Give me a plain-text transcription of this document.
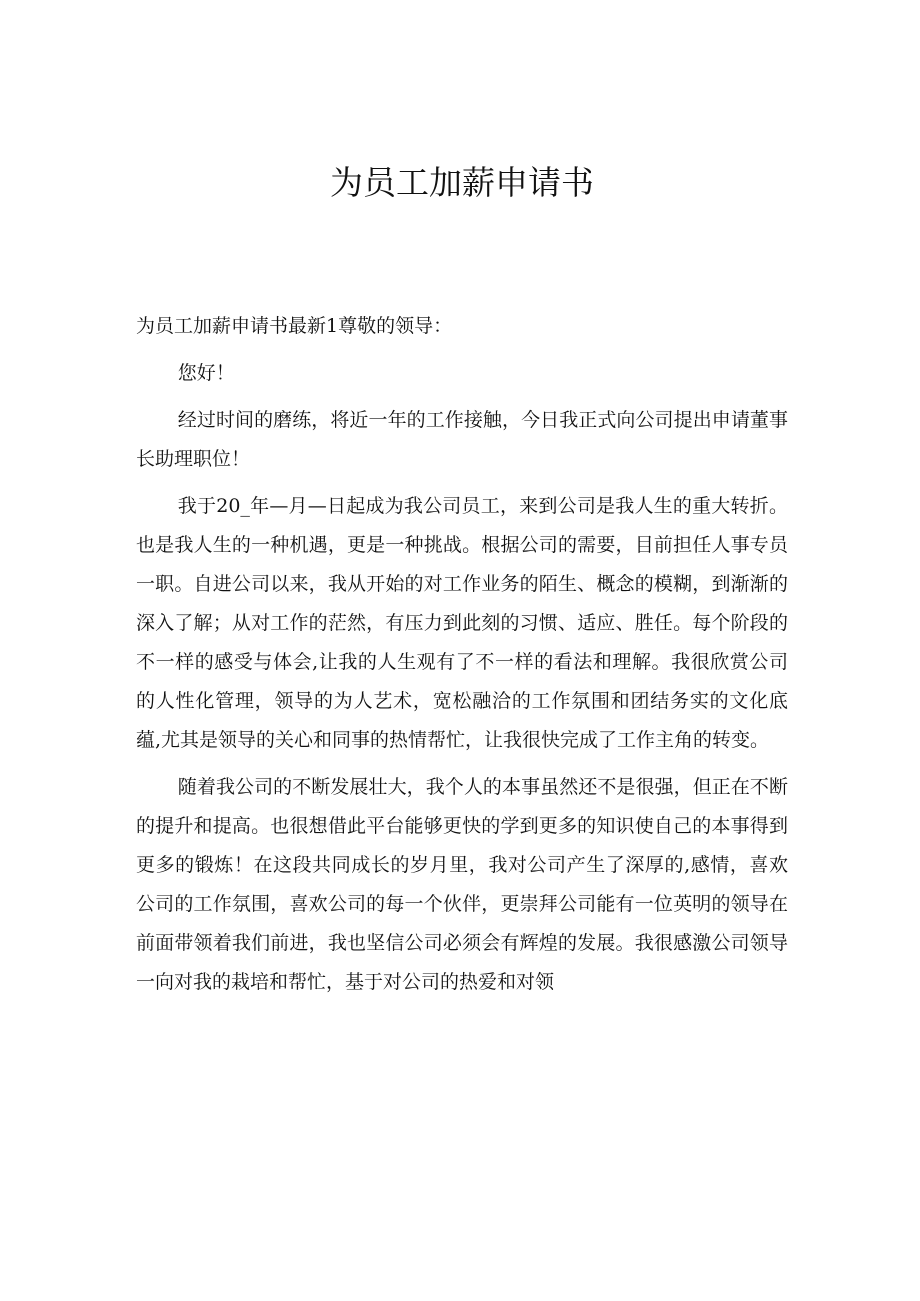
为员工加薪申请书

为员工加薪申请书最新1尊敬的领导：

您好！

经过时间的磨练，将近一年的工作接触，今日我正式向公司提出申请董事长助理职位！

我于20_年—月—日起成为我公司员工，来到公司是我人生的重大转折。也是我人生的一种机遇，更是一种挑战。根据公司的需要，目前担任人事专员一职。自进公司以来，我从开始的对工作业务的陌生、概念的模糊，到渐渐的深入了解；从对工作的茫然，有压力到此刻的习惯、适应、胜任。每个阶段的不一样的感受与体会,让我的人生观有了不一样的看法和理解。我很欣赏公司的人性化管理，领导的为人艺术，宽松融洽的工作氛围和团结务实的文化底蕴,尤其是领导的关心和同事的热情帮忙，让我很快完成了工作主角的转变。

随着我公司的不断发展壮大，我个人的本事虽然还不是很强，但正在不断的提升和提高。也很想借此平台能够更快的学到更多的知识使自己的本事得到更多的锻炼！在这段共同成长的岁月里，我对公司产生了深厚的,感情，喜欢公司的工作氛围，喜欢公司的每一个伙伴，更崇拜公司能有一位英明的领导在前面带领着我们前进，我也坚信公司必须会有辉煌的发展。我很感激公司领导一向对我的栽培和帮忙，基于对公司的热爱和对领
